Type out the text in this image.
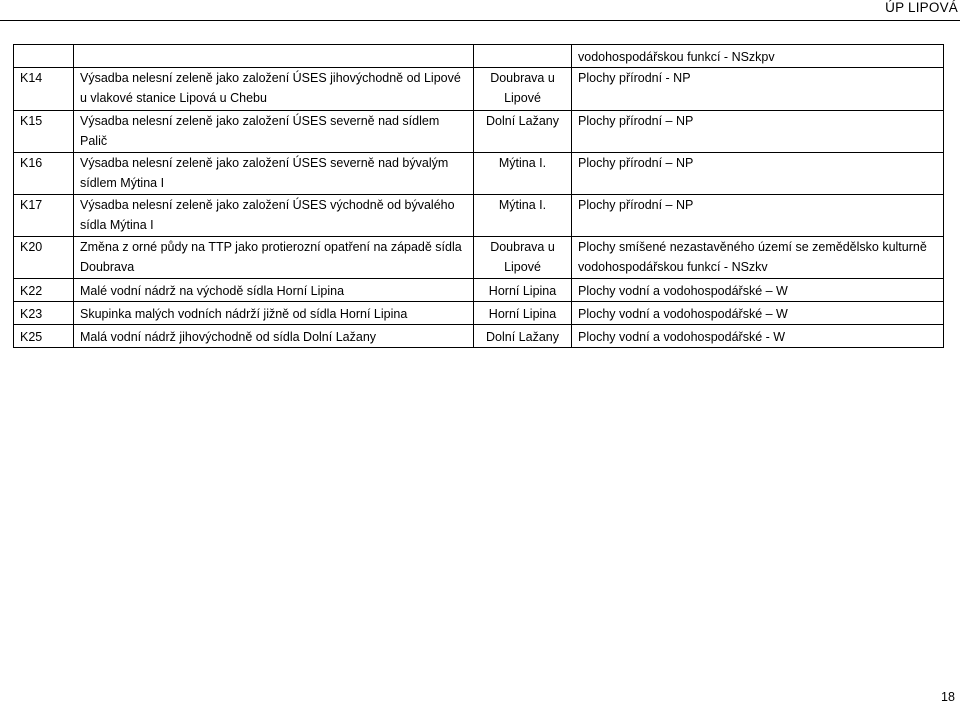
ÚP LIPOVÁ
			vodohospodářskou funkcí - NSzkpv
K14	Výsadba nelesní zeleně jako založení ÚSES jihovýchodně od Lipové u vlakové stanice Lipová u Chebu	Doubrava u Lipové	Plochy přírodní - NP
K15	Výsadba nelesní zeleně jako založení ÚSES severně nad sídlem Palič	Dolní Lažany	Plochy přírodní – NP
K16	Výsadba nelesní zeleně jako založení ÚSES severně nad bývalým sídlem Mýtina I	Mýtina I.	Plochy přírodní – NP
K17	Výsadba nelesní zeleně jako založení ÚSES východně od bývalého sídla Mýtina I	Mýtina I.	Plochy přírodní – NP
K20	Změna z orné půdy na TTP jako protierozní opatření na západě sídla Doubrava	Doubrava u Lipové	Plochy smíšené nezastavěného území se zemědělsko kulturně vodohospodářskou funkcí - NSzkv
K22	Malé vodní nádrž na východě sídla Horní Lipina	Horní Lipina	Plochy vodní a vodohospodářské – W
K23	Skupinka malých vodních nádrží jižně od sídla Horní Lipina	Horní Lipina	Plochy vodní a vodohospodářské – W
K25	Malá vodní nádrž jihovýchodně od sídla Dolní Lažany	Dolní Lažany	Plochy vodní a vodohospodářské - W
18
